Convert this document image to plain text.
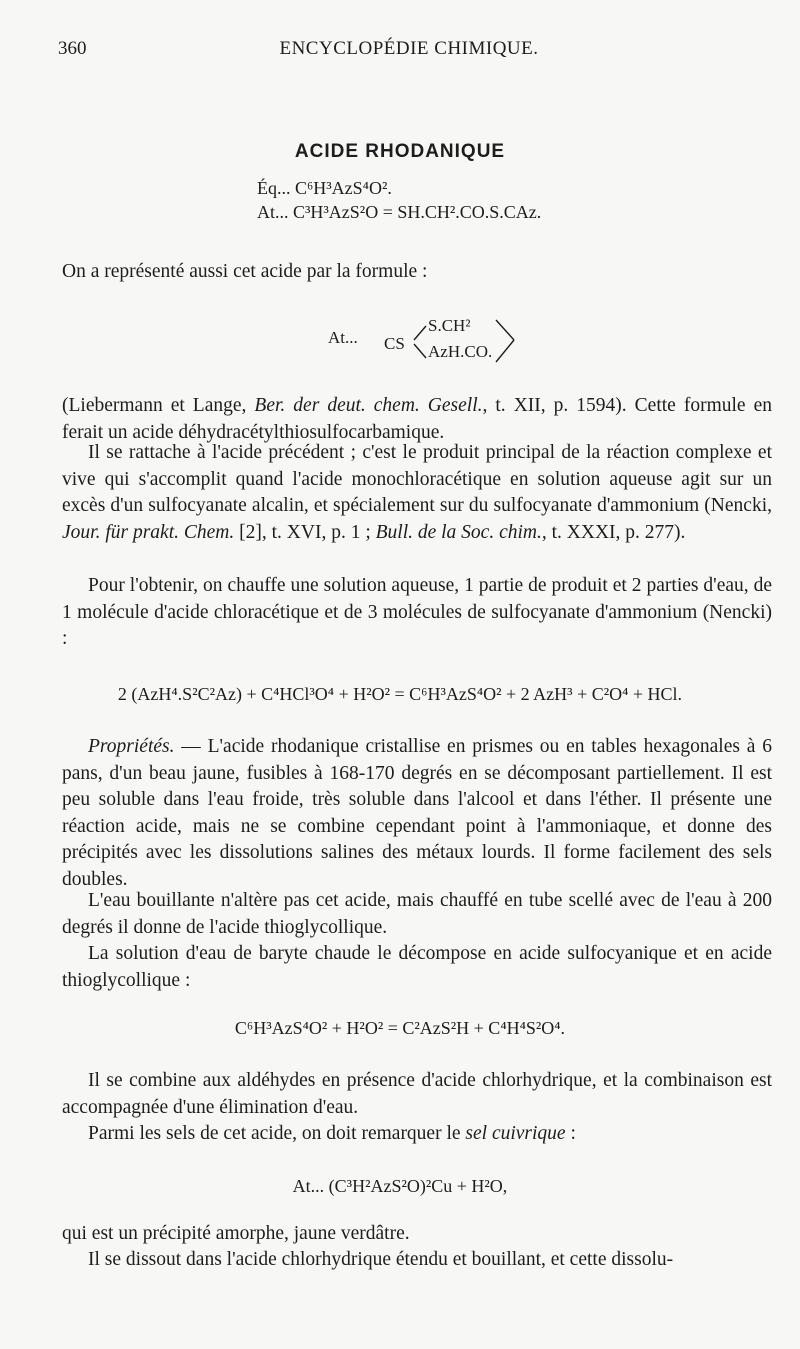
360	ENCYCLOPÉDIE CHIMIQUE.
ACIDE RHODANIQUE
Éq... C⁶H³AzS⁴O².
At... C³H³AzS²O = SH.CH².CO.S.CAz.
On a représenté aussi cet acide par la formule :
At... CS
S.CH²
AzH.CO.
(Liebermann et Lange, Ber. der deut. chem. Gesell., t. XII, p. 1594). Cette formule en ferait un acide déhydracétylthiosulfocarbamique.
Il se rattache à l'acide précédent ; c'est le produit principal de la réaction complexe et vive qui s'accomplit quand l'acide monochloracétique en solution aqueuse agit sur un excès d'un sulfocyanate alcalin, et spécialement sur du sulfocyanate d'ammonium (Nencki, Jour. für prakt. Chem. [2], t. XVI, p. 1 ; Bull. de la Soc. chim., t. XXXI, p. 277).
Pour l'obtenir, on chauffe une solution aqueuse, 1 partie de produit et 2 parties d'eau, de 1 molécule d'acide chloracétique et de 3 molécules de sulfocyanate d'ammonium (Nencki) :
2 (AzH⁴.S²C²Az) + C⁴HCl³O⁴ + H²O² = C⁶H³AzS⁴O² + 2 AzH³ + C²O⁴ + HCl.
Propriétés. — L'acide rhodanique cristallise en prismes ou en tables hexagonales à 6 pans, d'un beau jaune, fusibles à 168-170 degrés en se décomposant partiellement. Il est peu soluble dans l'eau froide, très soluble dans l'alcool et dans l'éther. Il présente une réaction acide, mais ne se combine cependant point à l'ammoniaque, et donne des précipités avec les dissolutions salines des métaux lourds. Il forme facilement des sels doubles.
L'eau bouillante n'altère pas cet acide, mais chauffé en tube scellé avec de l'eau à 200 degrés il donne de l'acide thioglycollique.
La solution d'eau de baryte chaude le décompose en acide sulfocyanique et en acide thioglycollique :
C⁶H³AzS⁴O² + H²O² = C²AzS²H + C⁴H⁴S²O⁴.
Il se combine aux aldéhydes en présence d'acide chlorhydrique, et la combinaison est accompagnée d'une élimination d'eau.
Parmi les sels de cet acide, on doit remarquer le sel cuivrique :
At... (C³H²AzS²O)²Cu + H²O,
qui est un précipité amorphe, jaune verdâtre.
Il se dissout dans l'acide chlorhydrique étendu et bouillant, et cette dissolu-
